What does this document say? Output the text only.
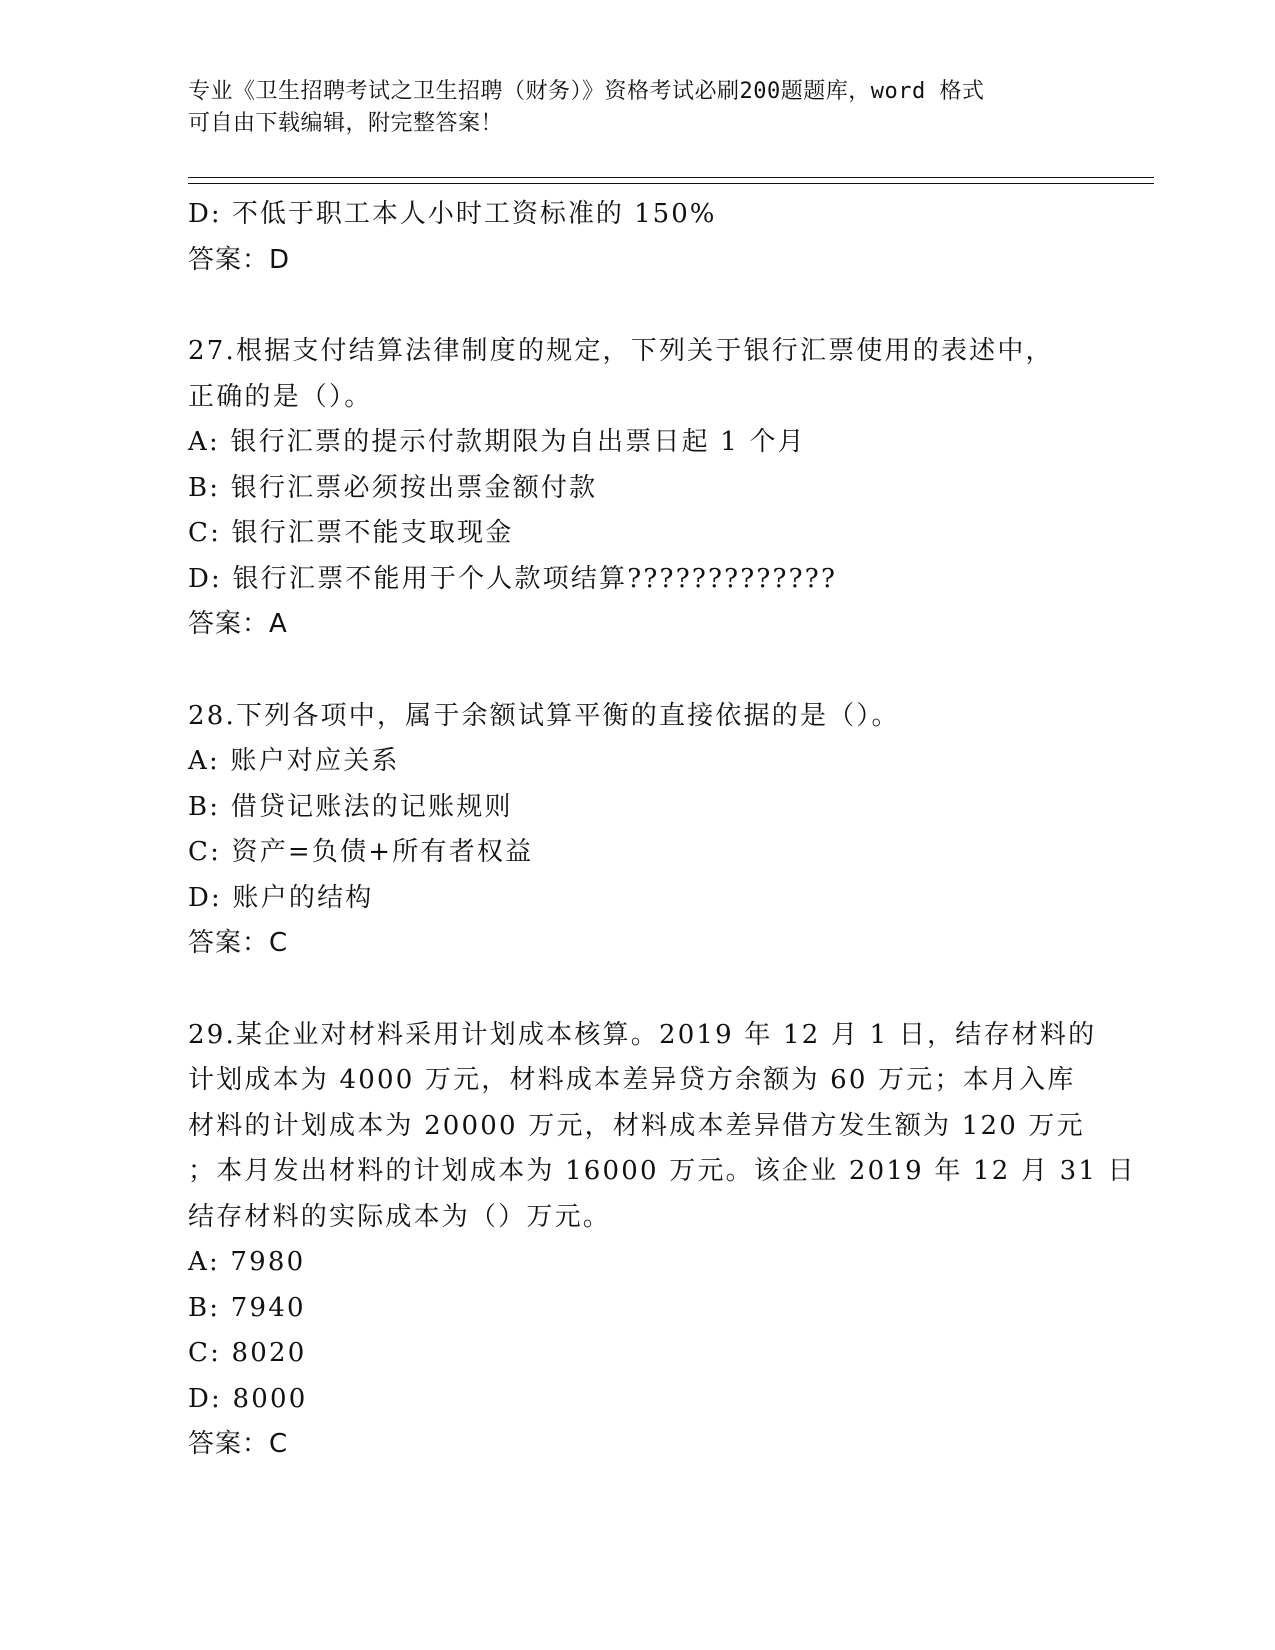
专业《卫生招聘考试之卫生招聘（财务）》资格考试必刷200题题库，word 格式
可自由下载编辑，附完整答案！
D: 不低于职工本人小时工资标准的 150%
答案：D
27.根据支付结算法律制度的规定，下列关于银行汇票使用的表述中，
正确的是（）。
A: 银行汇票的提示付款期限为自出票日起 1 个月
B: 银行汇票必须按出票金额付款
C: 银行汇票不能支取现金
D: 银行汇票不能用于个人款项结算?????????????
答案：A
28.下列各项中，属于余额试算平衡的直接依据的是（）。
A: 账户对应关系
B: 借贷记账法的记账规则
C: 资产=负债+所有者权益
D: 账户的结构
答案：C
29.某企业对材料采用计划成本核算。2019 年 12 月 1 日，结存材料的
计划成本为 4000 万元，材料成本差异贷方余额为 60 万元；本月入库
材料的计划成本为 20000 万元，材料成本差异借方发生额为 120 万元
；本月发出材料的计划成本为 16000 万元。该企业 2019 年 12 月 31 日
结存材料的实际成本为（）万元。
A: 7980
B: 7940
C: 8020
D: 8000
答案：C
